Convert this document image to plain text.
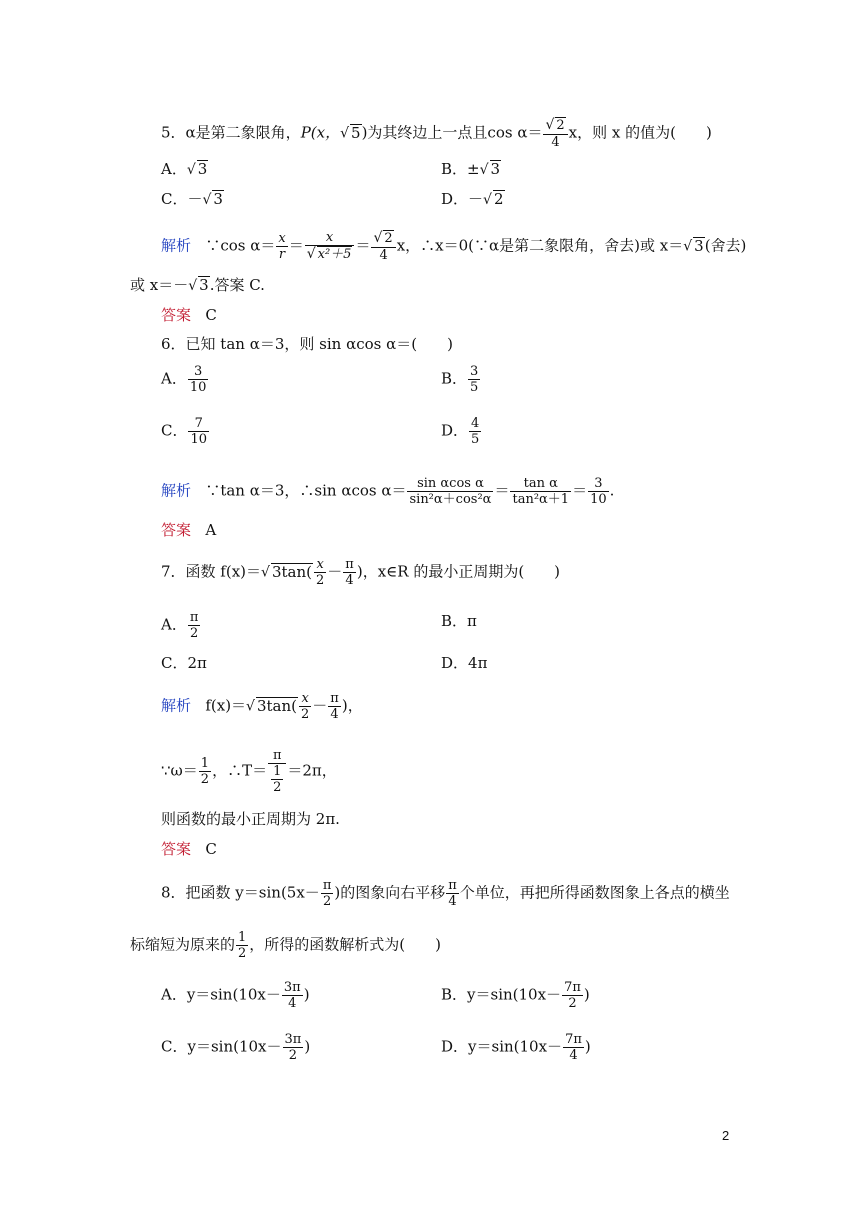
5．α是第二象限角，P(x，√ 5)为其终边上一点且$\cos \alpha= \frac{√ 2}{4}$ x，则 x 的值为(　　)
A．√ 3	B．±√ 3
C．－√ 3	D．－√ 2
解析 ∵cos $\alpha= \frac{x}{r} = \frac{x}{\text{√ x²＋5}} = \frac{√ 2}{4}$ x，∴x＝0(∵α是第二象限角，舍去)或 x＝√ 3(舍去)
或 x＝－√ 3.答案 C.
答案 C
6．已知 tan α＝3，则 sin αcos α＝(　　)
A． $\frac{3}{10}$	B． $\frac{3}{5}$
C． $\frac{7}{10}$	D． $\frac{4}{5}$
解析 ∵tan α＝3，∴sin αcos $\alpha= \frac{\text{sin αcos α}}{\text{sin²α＋cos²α}} = \frac{\text{tan α}}{\text{tan²α＋1}} = \frac{3}{10}$ .
答案 A
7．函数 f(x)＝√ $3\tan( \frac{x}{2} - \frac{\pi}{4}$ )，x∈R 的最小正周期为(　　)
A． $\frac{\pi}{2}$	B．π
C．2π	D．4π
解析 f(x)＝√ $3\tan( \frac{x}{2} - \frac{\pi}{4}$ )，
∵ω＝ $\frac{1}{2}$ ，∴T＝ $\frac{\pi}{\frac{1}{2}} =2\pi$，
则函数的最小正周期为 2π.
答案 C
8．把函数 $y=\sin(5x- \frac{\pi}{2}$ )的图象向右平移 $\frac{\pi}{4}$ 个单位，再把所得函数图象上各点的横坐
标缩短为原来的 $\frac{1}{2}$ ，所得的函数解析式为(　　)
A．$y=\sin(10x- \frac{3\pi}{4}$ )	B．$y=\sin(10x- \frac{7\pi}{2}$ )
C．$y=\sin(10x- \frac{3\pi}{2}$ )	D．$y=\sin(10x- \frac{7\pi}{4}$ )
2
